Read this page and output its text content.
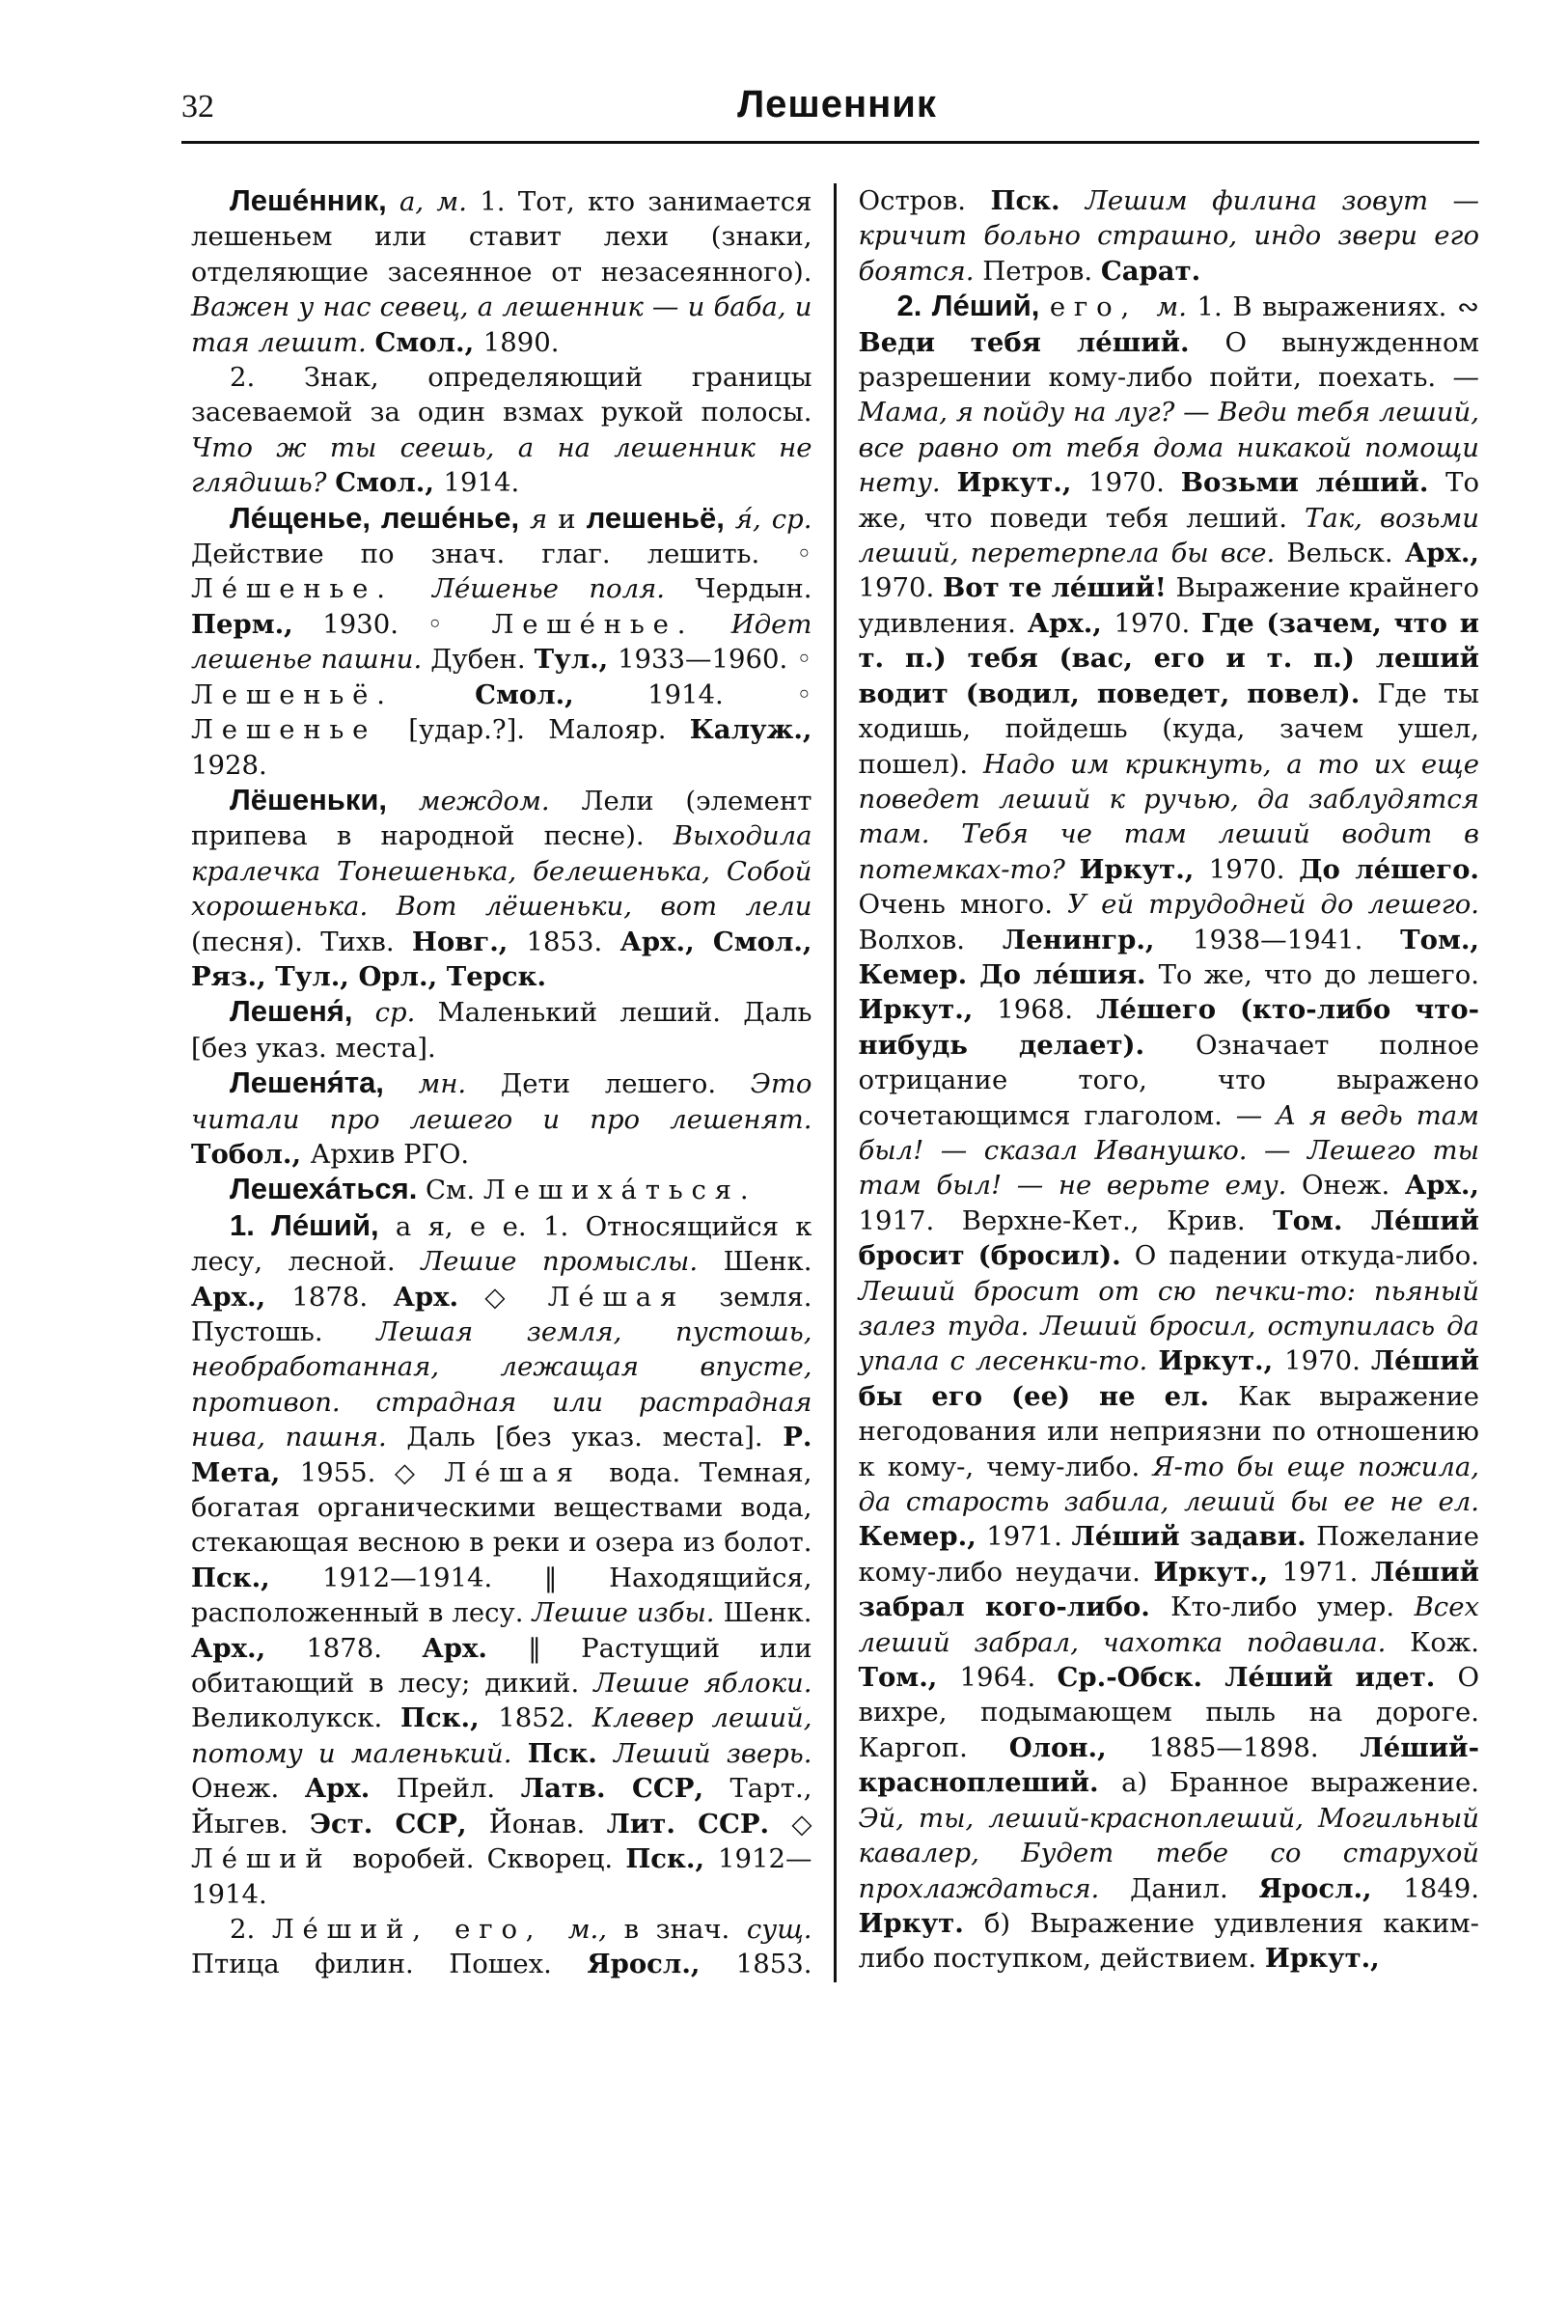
32	Лешенник

Лешéнник, а, м. 1. Тот, кто занимается лешеньем или ставит лехи (знаки, отделяющие засеянное от незасеянного). Важен у нас севец, а лешенник — и баба, и тая лешит. Смол., 1890.

2. Знак, определяющий границы засеваемой за один взмах рукой полосы. Что ж ты сеешь, а на лешенник не глядишь? Смол., 1914.

Лéщенье, лешéнье, я и лешеньё, я́, ср. Действие по знач. глаг. лешить. ◦ Лéшенье. Лéшенье поля. Чердын. Перм., 1930. ◦ Лешéнье. Идет лешенье пашни. Дубен. Тул., 1933—1960. ◦ Лешеньё. Смол., 1914. ◦ Лешенье [удар.?]. Малояр. Калуж., 1928.

Лёшеньки, междом. Лели (элемент припева в народной песне). Выходила кралечка Тонешенька, белешенька, Собой хорошенька. Вот лёшеньки, вот лели (песня). Тихв. Новг., 1853. Арх., Смол., Ряз., Тул., Орл., Терск.

Лешеня́, ср. Маленький леший. Даль [без указ. места].

Лешеня́та, мн. Дети лешего. Это читали про лешего и про лешенят. Тобол., Архив РГО.

Лешехáться. См. Лешихáться.

1. Лéший, а я, е е. 1. Относящийся к лесу, лесной. Лешие промыслы. Шенк. Арх., 1878. Арх. ◇ Лéшая земля. Пустошь. Лешая земля, пустошь, необработанная, лежащая впусте, противоп. страдная или растрадная нива, пашня. Даль [без указ. места]. Р. Мета, 1955. ◇ Лéшая вода. Темная, богатая органическими веществами вода, стекающая весною в реки и озера из болот. Пск., 1912—1914. ‖ Находящийся, расположенный в лесу. Лешие избы. Шенк. Арх., 1878. Арх. ‖ Растущий или обитающий в лесу; дикий. Лешие яблоки. Великолукск. Пск., 1852. Клевер леший, потому и маленький. Пск. Леший зверь. Онеж. Арх. Прейл. Латв. ССР, Тарт., Йыгев. Эст. ССР, Йонав. Лит. ССР. ◇ Лéший воробей. Скворец. Пск., 1912—1914.

2. Лéший, его, м., в знач. сущ. Птица филин. Пошех. Яросл., 1853. Остров. Пск. Лешим филина зовут — кричит больно страшно, индо звери его боятся. Петров. Сарат.

2. Лéший, его, м. 1. В выражениях. ∾ Веди тебя лéший. О вынужденном разрешении кому-либо пойти, поехать. — Мама, я пойду на луг? — Веди тебя леший, все равно от тебя дома никакой помощи нету. Иркут., 1970. Возьми лéший. То же, что поведи тебя леший. Так, возьми леший, перетерпела бы все. Вельск. Арх., 1970. Вот те лéший! Выражение крайнего удивления. Арх., 1970. Где (зачем, что и т. п.) тебя (вас, его и т. п.) леший водит (водил, поведет, повел). Где ты ходишь, пойдешь (куда, зачем ушел, пошел). Надо им крикнуть, а то их еще поведет леший к ручью, да заблудятся там. Тебя че там леший водит в потемках-то? Иркут., 1970. До лéшего. Очень много. У ей трудодней до лешего. Волхов. Ленингр., 1938—1941. Том., Кемер. До лéшия. То же, что до лешего. Иркут., 1968. Лéшего (кто-либо что-нибудь делает). Означает полное отрицание того, что выражено сочетающимся глаголом. — А я ведь там был! — сказал Иванушко. — Лешего ты там был! — не верьте ему. Онеж. Арх., 1917. Верхне-Кет., Крив. Том. Лéший бросит (бросил). О падении откуда-либо. Леший бросит от сю печки-то: пьяный залез туда. Леший бросил, оступилась да упала с лесенки-то. Иркут., 1970. Лéший бы его (ее) не ел. Как выражение негодования или неприязни по отношению к кому-, чему-либо. Я-то бы еще пожила, да старость забила, леший бы ее не ел. Кемер., 1971. Лéший задави. Пожелание кому-либо неудачи. Иркут., 1971. Лéший забрал кого-либо. Кто-либо умер. Всех леший забрал, чахотка подавила. Кож. Том., 1964. Ср.-Обск. Лéший идет. О вихре, подымающем пыль на дороге. Каргоп. Олон., 1885—1898. Лéший-красноплеший. а) Бранное выражение. Эй, ты, леший-красноплеший, Могильный кавалер, Будет тебе со старухой прохлаждаться. Данил. Яросл., 1849. Иркут. б) Выражение удивления каким-либо поступком, действием. Иркут.,
